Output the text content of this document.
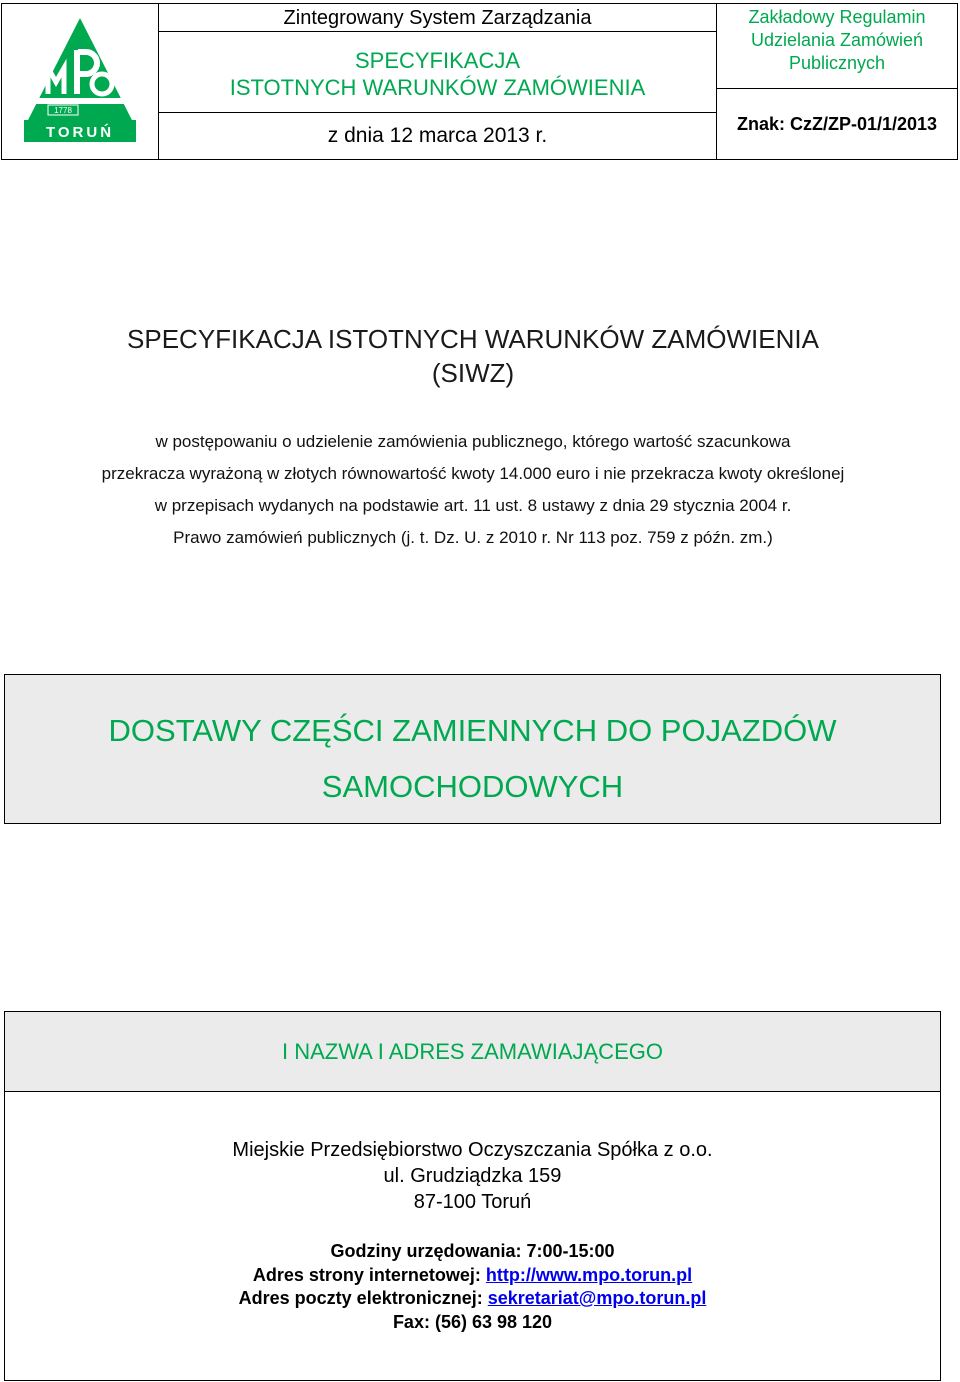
1778
TORUŃ
Zintegrowany System Zarządzania
SPECYFIKACJA
ISTOTNYCH WARUNKÓW ZAMÓWIENIA
z dnia 12 marca 2013 r.
Zakładowy Regulamin
Udzielania Zamówień
Publicznych
Znak: CzZ/ZP-01/1/2013
SPECYFIKACJA ISTOTNYCH WARUNKÓW ZAMÓWIENIA
(SIWZ)
w postępowaniu o udzielenie zamówienia publicznego, którego wartość szacunkowa
przekracza wyrażoną w złotych równowartość kwoty 14.000 euro i nie przekracza kwoty określonej
w przepisach wydanych na podstawie art. 11 ust. 8 ustawy z dnia 29 stycznia 2004 r.
Prawo zamówień publicznych (j. t. Dz. U. z 2010 r. Nr 113 poz. 759 z późn. zm.)
DOSTAWY CZĘŚCI ZAMIENNYCH DO POJAZDÓW
SAMOCHODOWYCH
I NAZWA I ADRES ZAMAWIAJĄCEGO
Miejskie Przedsiębiorstwo Oczyszczania Spółka z o.o.
ul. Grudziądzka 159
87-100 Toruń
Godziny urzędowania: 7:00-15:00
Adres strony internetowej: http://www.mpo.torun.pl
Adres poczty elektronicznej: sekretariat@mpo.torun.pl
Fax: (56) 63 98 120
